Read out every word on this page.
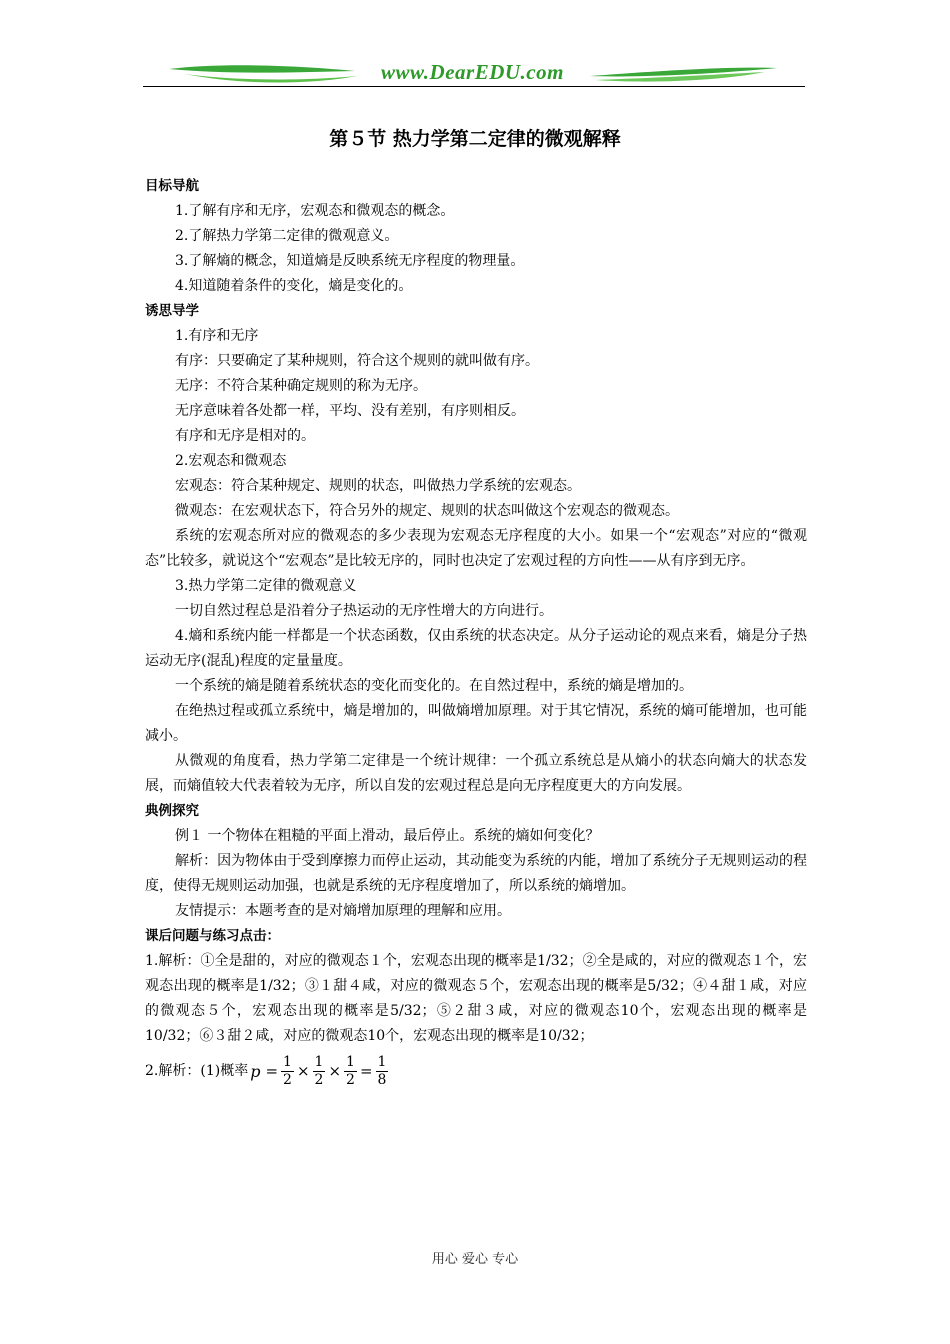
www.DearEDU.com
第５节 热力学第二定律的微观解释
目标导航

1.了解有序和无序，宏观态和微观态的概念。

2.了解热力学第二定律的微观意义。

3.了解熵的概念，知道熵是反映系统无序程度的物理量。

4.知道随着条件的变化，熵是变化的。

诱思导学

1.有序和无序

有序：只要确定了某种规则，符合这个规则的就叫做有序。

无序：不符合某种确定规则的称为无序。

无序意味着各处都一样，平均、没有差别，有序则相反。

有序和无序是相对的。

2.宏观态和微观态

宏观态：符合某种规定、规则的状态，叫做热力学系统的宏观态。

微观态：在宏观状态下，符合另外的规定、规则的状态叫做这个宏观态的微观态。

系统的宏观态所对应的微观态的多少表现为宏观态无序程度的大小。如果一个“宏观态”对应的“微观态”比较多，就说这个“宏观态”是比较无序的，同时也决定了宏观过程的方向性——从有序到无序。

3.热力学第二定律的微观意义

一切自然过程总是沿着分子热运动的无序性增大的方向进行。

4.熵和系统内能一样都是一个状态函数，仅由系统的状态决定。从分子运动论的观点来看，熵是分子热运动无序(混乱)程度的定量量度。

一个系统的熵是随着系统状态的变化而变化的。在自然过程中，系统的熵是增加的。

在绝热过程或孤立系统中，熵是增加的，叫做熵增加原理。对于其它情况，系统的熵可能增加，也可能减小。

从微观的角度看，热力学第二定律是一个统计规律：一个孤立系统总是从熵小的状态向熵大的状态发展，而熵值较大代表着较为无序，所以自发的宏观过程总是向无序程度更大的方向发展。

典例探究

例１ 一个物体在粗糙的平面上滑动，最后停止。系统的熵如何变化？

解析：因为物体由于受到摩擦力而停止运动，其动能变为系统的内能，增加了系统分子无规则运动的程度，使得无规则运动加强，也就是系统的无序程度增加了，所以系统的熵增加。

友情提示：本题考查的是对熵增加原理的理解和应用。

课后问题与练习点击：

1.解析：①全是甜的，对应的微观态１个，宏观态出现的概率是1/32；②全是咸的，对应的微观态１个，宏观态出现的概率是1/32；③１甜４咸，对应的微观态５个，宏观态出现的概率是5/32；④４甜１咸，对应的微观态５个，宏观态出现的概率是5/32；⑤２甜３咸，对应的微观态10个，宏观态出现的概率是10/32；⑥３甜２咸，对应的微观态10个，宏观态出现的概率是10/32；

2.解析：(1)概率 $p = \frac{1}{2} \times \frac{1}{2} \times \frac{1}{2} = \frac{1}{8}$
用心 爱心 专心
